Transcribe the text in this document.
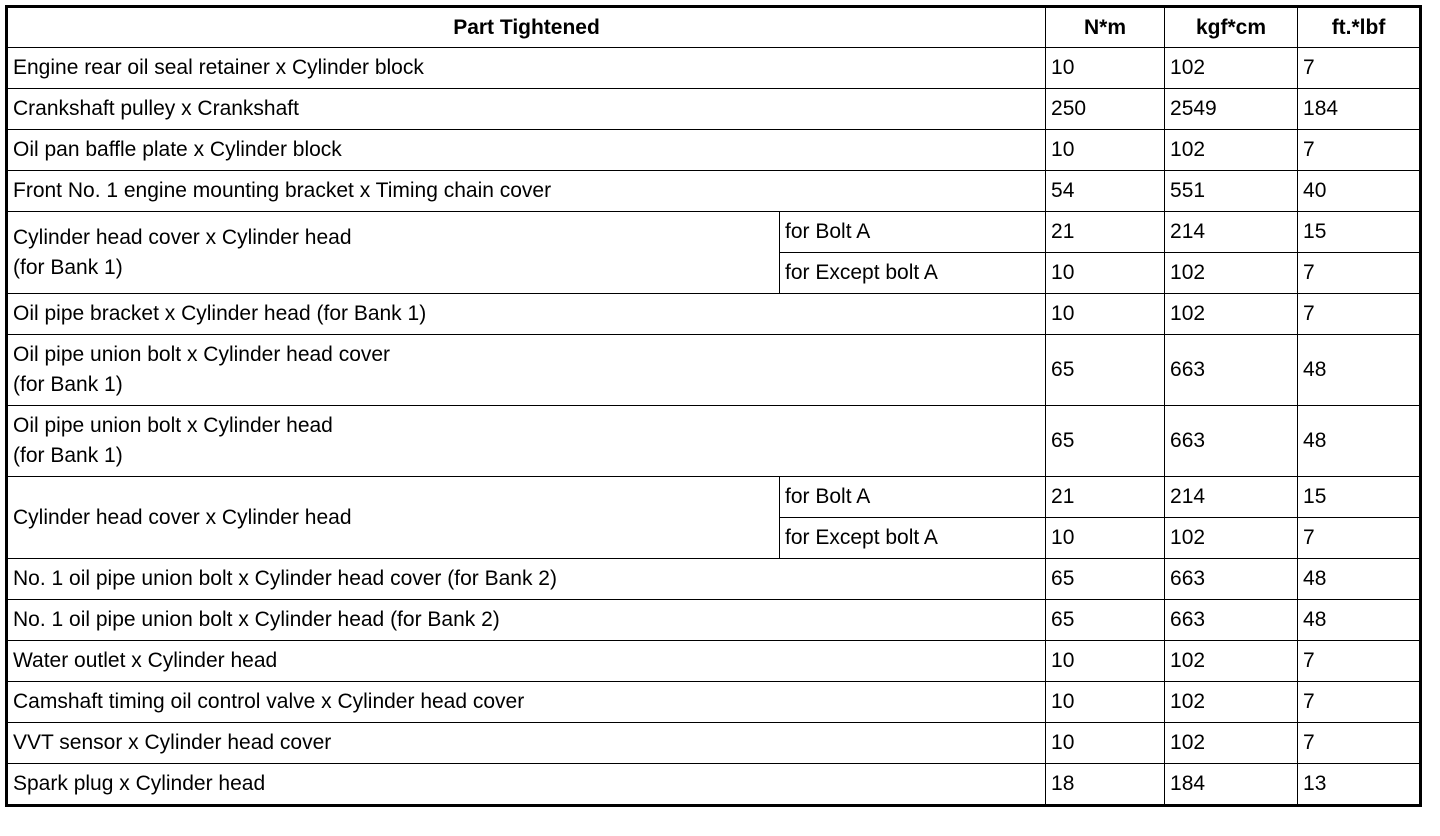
Part Tightened		N*m	kgf*cm	ft.*lbf
Engine rear oil seal retainer x Cylinder block		10	102	7
Crankshaft pulley x Crankshaft		250	2549	184
Oil pan baffle plate x Cylinder block		10	102	7
Front No. 1 engine mounting bracket x Timing chain cover		54	551	40
Cylinder head cover x Cylinder head
(for Bank 1)	for Bolt A	21	214	15
	for Except bolt A	10	102	7
Oil pipe bracket x Cylinder head (for Bank 1)		10	102	7
Oil pipe union bolt x Cylinder head cover
(for Bank 1)		65	663	48
Oil pipe union bolt x Cylinder head
(for Bank 1)		65	663	48
Cylinder head cover x Cylinder head	for Bolt A	21	214	15
	for Except bolt A	10	102	7
No. 1 oil pipe union bolt x Cylinder head cover (for Bank 2)		65	663	48
No. 1 oil pipe union bolt x Cylinder head (for Bank 2)		65	663	48
Water outlet x Cylinder head		10	102	7
Camshaft timing oil control valve x Cylinder head cover		10	102	7
VVT sensor x Cylinder head cover		10	102	7
Spark plug x Cylinder head		18	184	13
